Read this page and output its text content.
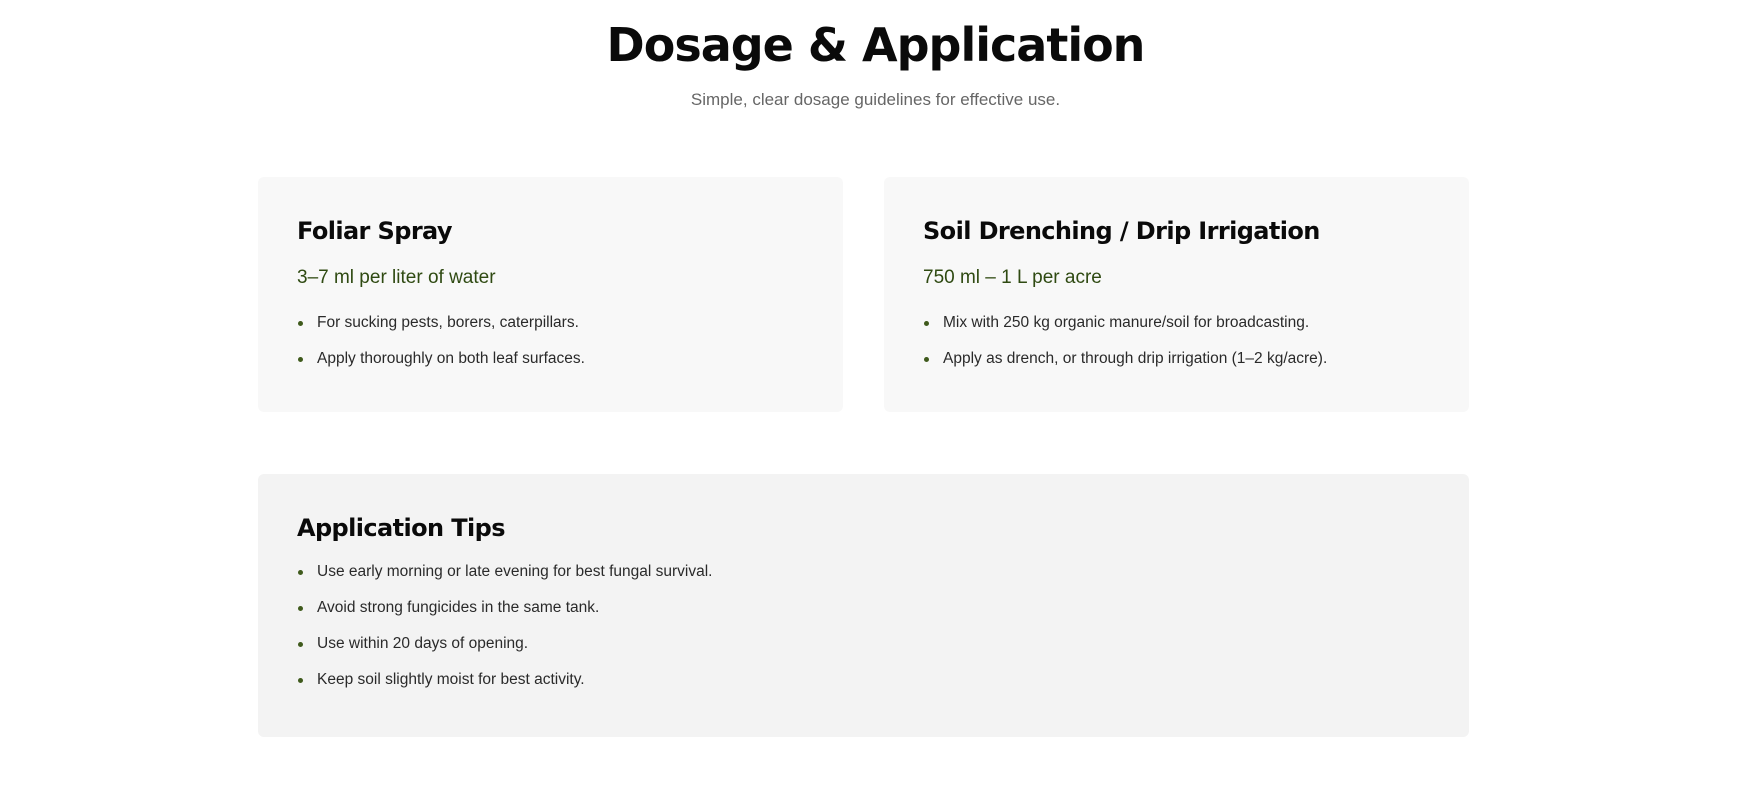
Dosage & Application

Simple, clear dosage guidelines for effective use.

Foliar Spray

3–7 ml per liter of water

For sucking pests, borers, caterpillars.
Apply thoroughly on both leaf surfaces.
Soil Drenching / Drip Irrigation

750 ml – 1 L per acre

Mix with 250 kg organic manure/soil for broadcasting.
Apply as drench, or through drip irrigation (1–2 kg/acre).
Application Tips
Use early morning or late evening for best fungal survival.
Avoid strong fungicides in the same tank.
Use within 20 days of opening.
Keep soil slightly moist for best activity.
